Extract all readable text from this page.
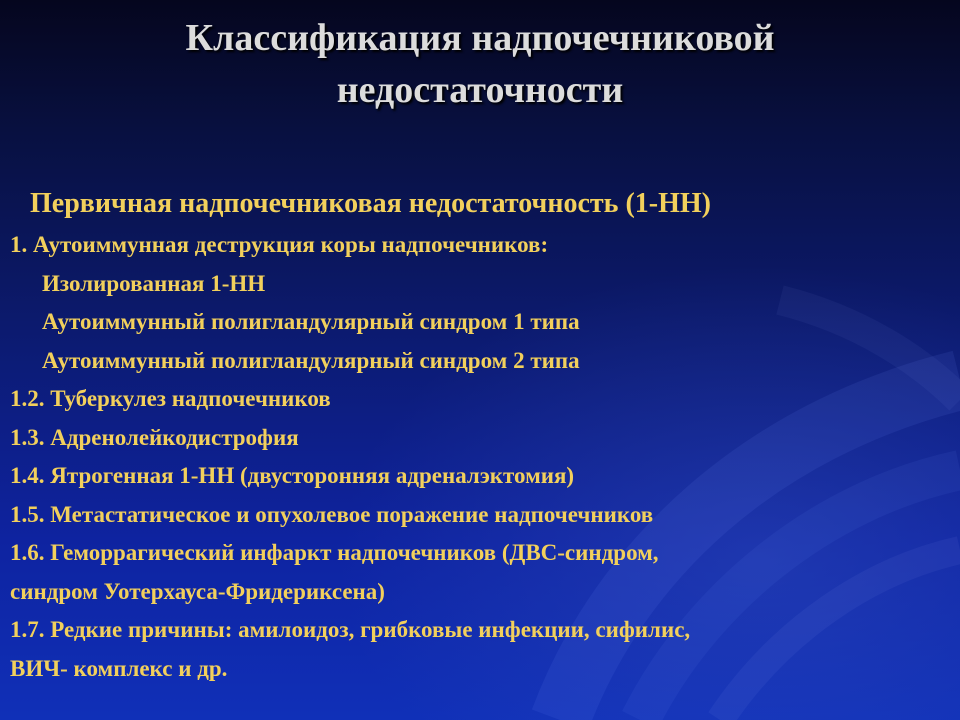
Классификация надпочечниковой
недостаточности
Первичная надпочечниковая недостаточность (1-НН)
1. Аутоиммунная деструкция коры надпочечников:
Изолированная 1-НН
Аутоиммунный полигландулярный синдром 1 типа
Аутоиммунный полигландулярный синдром 2 типа
1.2. Туберкулез надпочечников
1.3. Адренолейкодистрофия
1.4. Ятрогенная 1-НН (двусторонняя адреналэктомия)
1.5. Метастатическое и опухолевое поражение надпочечников
1.6. Геморрагический инфаркт надпочечников (ДВС-синдром,
синдром Уотерхауса-Фридериксена)
1.7. Редкие причины: амилоидоз, грибковые инфекции, сифилис,
ВИЧ- комплекс и др.
